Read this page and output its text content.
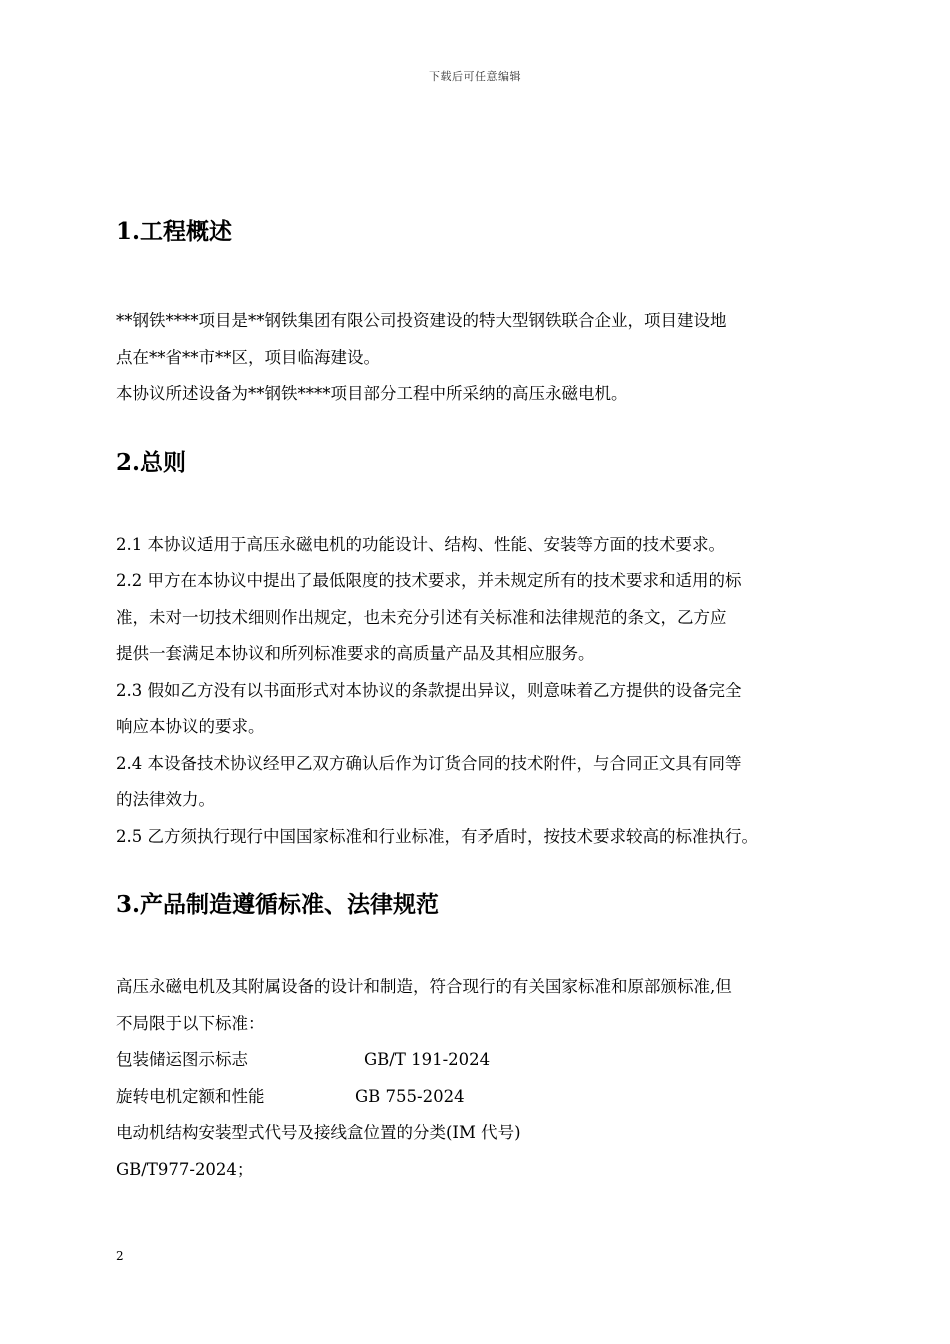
下载后可任意编辑
1.工程概述

**钢铁****项目是**钢铁集团有限公司投资建设的特大型钢铁联合企业，项目建设地

点在**省**市**区，项目临海建设。

本协议所述设备为**钢铁****项目部分工程中所采纳的高压永磁电机。

2.总则

2.1 本协议适用于高压永磁电机的功能设计、结构、性能、安装等方面的技术要求。

2.2 甲方在本协议中提出了最低限度的技术要求，并未规定所有的技术要求和适用的标

准，未对一切技术细则作出规定，也未充分引述有关标准和法律规范的条文，乙方应

提供一套满足本协议和所列标准要求的高质量产品及其相应服务。

2.3 假如乙方没有以书面形式对本协议的条款提出异议，则意味着乙方提供的设备完全

响应本协议的要求。

2.4 本设备技术协议经甲乙双方确认后作为订货合同的技术附件，与合同正文具有同等

的法律效力。

2.5 乙方须执行现行中国国家标准和行业标准，有矛盾时，按技术要求较高的标准执行。

3.产品制造遵循标准、法律规范

高压永磁电机及其附属设备的设计和制造，符合现行的有关国家标准和原部颁标准,但

不局限于以下标准：

包装储运图示标志	GB/T 191-2024
旋转电机定额和性能	GB 755-2024

电动机结构安装型式代号及接线盒位置的分类(IM 代号)

GB/T977-2024；

2
